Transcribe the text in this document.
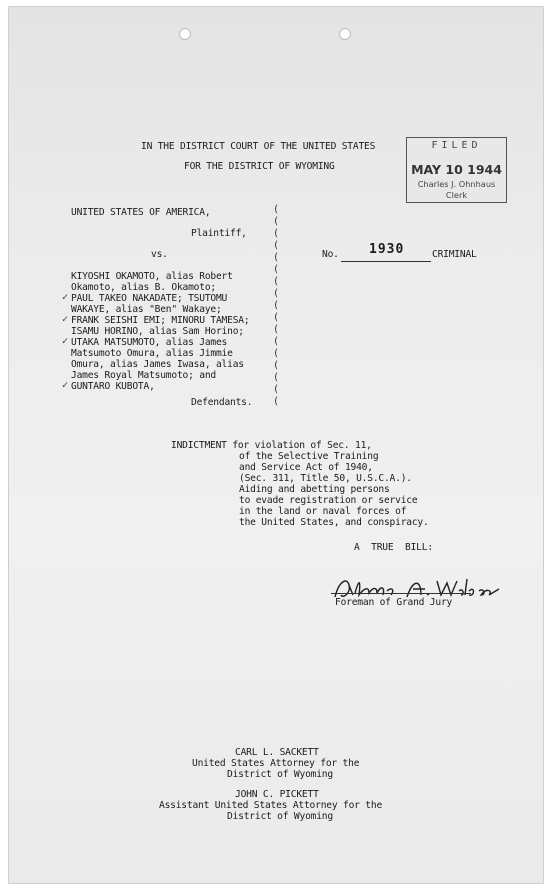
IN THE DISTRICT COURT OF THE UNITED STATES
FOR THE DISTRICT OF WYOMING
FILED
MAY 10 1944
Charles J. Ohnhaus
Clerk
UNITED STATES OF AMERICA,
Plaintiff,
vs.	No. 1930	CRIMINAL
(
(
(
(
(
(
(
(
(
(
(
(
(
(
(
(
(

KIYOSHI OKAMOTO, alias Robert
Okamoto, alias B. Okamoto;
PAUL TAKEO NAKADATE; TSUTOMU
WAKAYE, alias "Ben" Wakaye;
FRANK SEISHI EMI; MINORU TAMESA;
ISAMU HORINO, alias Sam Horino;
UTAKA MATSUMOTO, alias James
Matsumoto Omura, alias Jimmie
Omura, alias James Iwasa, alias
James Royal Matsumoto; and
GUNTARO KUBOTA,
✓
✓
✓
✓
Defendants.
INDICTMENT for violation of Sec. 11,
of the Selective Training
and Service Act of 1940,
(Sec. 311, Title 50, U.S.C.A.).
Aiding and abetting persons
to evade registration or service
in the land or naval forces of
the United States, and conspiracy.
A TRUE BILL:
Foreman of Grand Jury
CARL L. SACKETT
United States Attorney for the
District of Wyoming
JOHN C. PICKETT
Assistant United States Attorney for the
District of Wyoming
